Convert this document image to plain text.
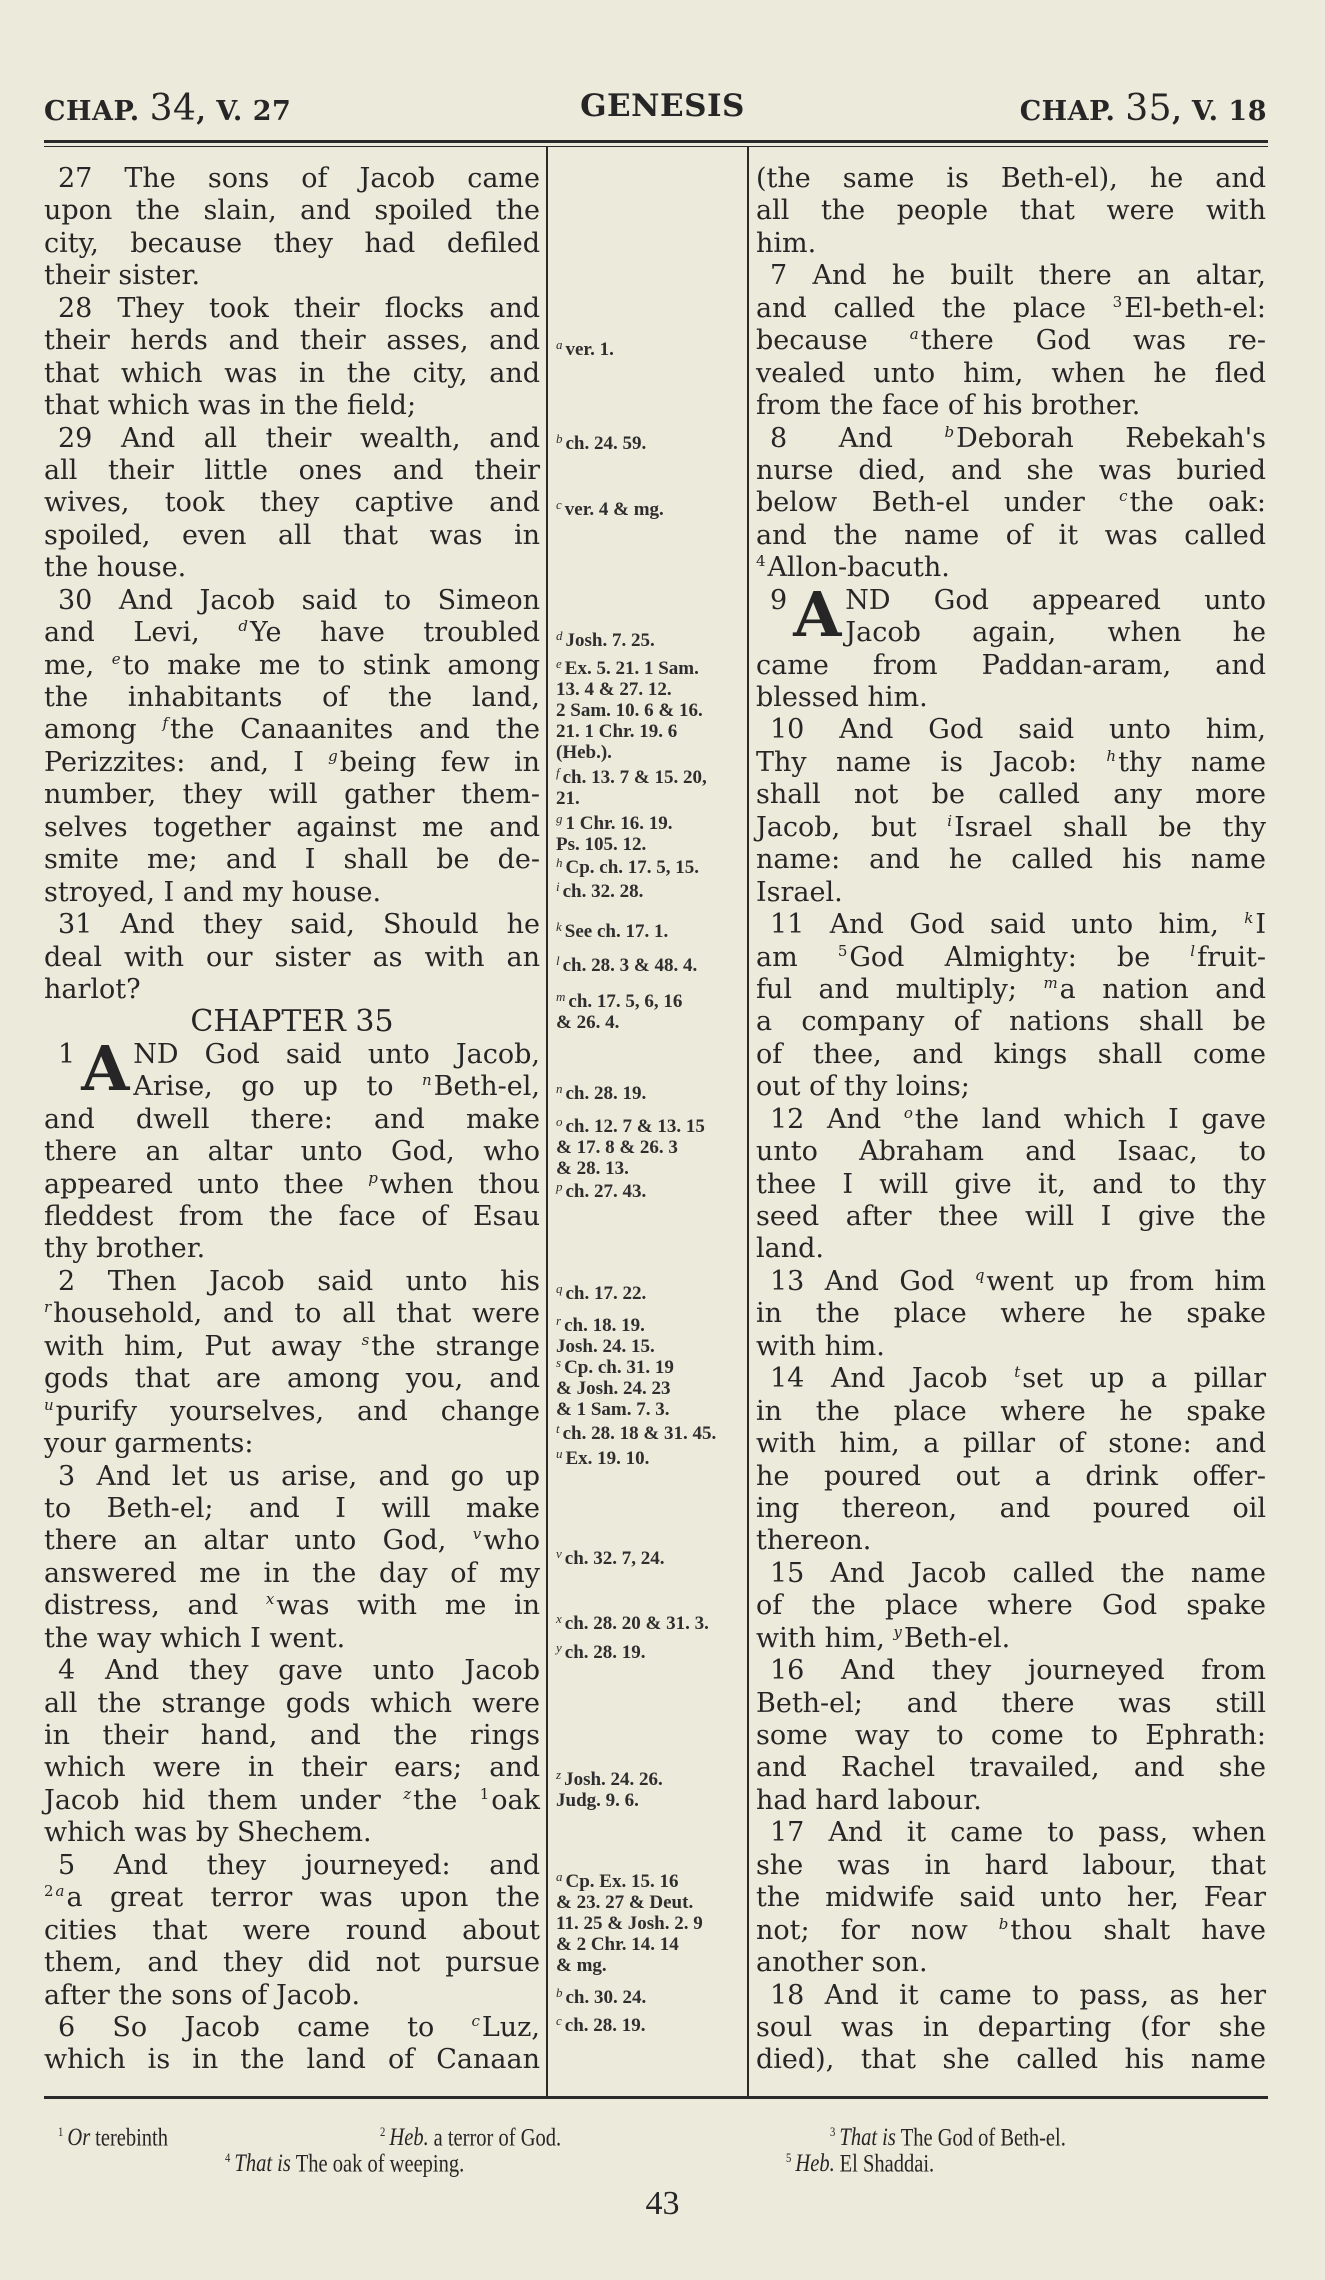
CHAP. 34, V. 27	GENESIS	CHAP. 35, V. 18
27 The sons of Jacob came
upon the slain, and spoiled the
city, because they had defiled
their sister.
28 They took their flocks and
their herds and their asses, and
that which was in the city, and
that which was in the field;
29 And all their wealth, and
all their little ones and their
wives, took they captive and
spoiled, even all that was in
the house.
30 And Jacob said to Simeon
and Levi, $^d$Ye have troubled
me, $^e$to make me to stink among
the inhabitants of the land,
among $^f$the Canaanites and the
Perizzites: and, I $^g$being few in
number, they will gather them-
selves together against me and
smite me; and I shall be de-
stroyed, I and my house.
31 And they said, Should he
deal with our sister as with an
harlot?
CHAPTER 35
1 A ND God said unto Jacob,
Arise, go up to $^n$Beth-el,
and dwell there: and make
there an altar unto God, who
appeared unto thee $^p$when thou
fleddest from the face of Esau
thy brother.
2 Then Jacob said unto his
$^r$household, and to all that were
with him, Put away $^s$the strange
gods that are among you, and
$^u$purify yourselves, and change
your garments:
3 And let us arise, and go up
to Beth-el; and I will make
there an altar unto God, $^v$who
answered me in the day of my
distress, and $^x$was with me in
the way which I went.
4 And they gave unto Jacob
all the strange gods which were
in their hand, and the rings
which were in their ears; and
Jacob hid them under $^z$the $^1$oak
which was by Shechem.
5 And they journeyed: and
$^2$ $^a$a great terror was upon the
cities that were round about
them, and they did not pursue
after the sons of Jacob.
6 So Jacob came to $^c$Luz,
which is in the land of Canaan
(the same is Beth-el), he and
all the people that were with
him.
7 And he built there an altar,
and called the place $^3$El-beth-el:
because $^a$there God was re-
vealed unto him, when he fled
from the face of his brother.
8 And $^b$Deborah Rebekah's
nurse died, and she was buried
below Beth-el under $^c$the oak:
and the name of it was called
$^4$Allon-bacuth.
9 A ND God appeared unto
Jacob again, when he
came from Paddan-aram, and
blessed him.
10 And God said unto him,
Thy name is Jacob: $^h$thy name
shall not be called any more
Jacob, but $^i$Israel shall be thy
name: and he called his name
Israel.
11 And God said unto him, $^k$I
am $^5$God Almighty: be $^l$fruit-
ful and multiply; $^m$a nation and
a company of nations shall be
of thee, and kings shall come
out of thy loins;
12 And $^o$the land which I gave
unto Abraham and Isaac, to
thee I will give it, and to thy
seed after thee will I give the
land.
13 And God $^q$went up from him
in the place where he spake
with him.
14 And Jacob $^t$set up a pillar
in the place where he spake
with him, a pillar of stone: and
he poured out a drink offer-
ing thereon, and poured oil
thereon.
15 And Jacob called the name
of the place where God spake
with him, $^y$Beth-el.
16 And they journeyed from
Beth-el; and there was still
some way to come to Ephrath:
and Rachel travailed, and she
had hard labour.
17 And it came to pass, when
she was in hard labour, that
the midwife said unto her, Fear
not; for now $^b$thou shalt have
another son.
18 And it came to pass, as her
soul was in departing (for she
died), that she called his name
$^a$ ver. 1.
$^b$ ch. 24. 59.
$^c$ ver. 4 & mg.
$^d$ Josh. 7. 25.
$^e$ Ex. 5. 21. 1 Sam.
13. 4 & 27. 12.
2 Sam. 10. 6 & 16.
21. 1 Chr. 19. 6
(Heb.).
$^f$ ch. 13. 7 & 15. 20,
21.
$^g$ 1 Chr. 16. 19.
Ps. 105. 12.
$^h$ Cp. ch. 17. 5, 15.
$^i$ ch. 32. 28.
$^k$ See ch. 17. 1.
$^l$ ch. 28. 3 & 48. 4.
$^m$ ch. 17. 5, 6, 16
& 26. 4.
$^n$ ch. 28. 19.
$^o$ ch. 12. 7 & 13. 15
& 17. 8 & 26. 3
& 28. 13.
$^p$ ch. 27. 43.
$^q$ ch. 17. 22.
$^r$ ch. 18. 19.
Josh. 24. 15.
$^s$ Cp. ch. 31. 19
& Josh. 24. 23
& 1 Sam. 7. 3.
$^t$ ch. 28. 18 & 31. 45.
$^u$ Ex. 19. 10.
$^v$ ch. 32. 7, 24.
$^x$ ch. 28. 20 & 31. 3.
$^y$ ch. 28. 19.
$^z$ Josh. 24. 26.
Judg. 9. 6.
$^a$ Cp. Ex. 15. 16
& 23. 27 & Deut.
11. 25 & Josh. 2. 9
& 2 Chr. 14. 14
& mg.
$^b$ ch. 30. 24.
$^c$ ch. 28. 19.
$^1$ Or terebinth	$^2$ Heb. a terror of God.	$^3$ That is The God of Beth-el.
$^4$ That is The oak of weeping.	$^5$ Heb. El Shaddai.
43
